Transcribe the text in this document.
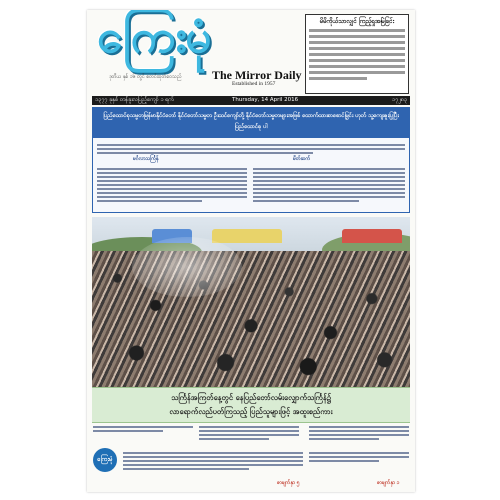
ကြေးမုံ
ဒုတိယ နှစ် ၁၆ တွင် စတင်ထုတ်ဝေသည်	The Mirror Daily
Established in 1957
မိမိကိုယ်သာလျှင် ကြည့်ရှုအမြဲခြင်း
၁၃၇၇ ခုနှစ် တန်ခူးလပြည့်ကျော် ၁ ရက်	Thursday, 14 April 2016	၁၇၂၈၃
ပြည်ထောင်စုသမ္မတမြန်မာနိုင်ငံတော် နိုင်ငံတော်သမ္မတ ဦးထင်ကျော်တို့ နိုင်ငံတော်သမ္မတများအဖြစ် ထောက်ထားစာစောင်မြှင်း ဟုတ် သူ့ကျေးဇူးပြုပြီး ပြည်ထောင်စု ပါ
မင်္ဂလာသင်္ကြန်	မိတ်ဆက်
သင်္ကြန်အကြတ်နေ့တွင် နေပြည်တော်လမ်းလျှောက်သင်္ကြန်၌
လာရောက်လည်ပတ်ကြသည့် ပြည်သူများဖြင့် အထူးစည်ကား
ကြေးမုံ
စာမျက်နှာ ၅	စာမျက်နှာ ၁
